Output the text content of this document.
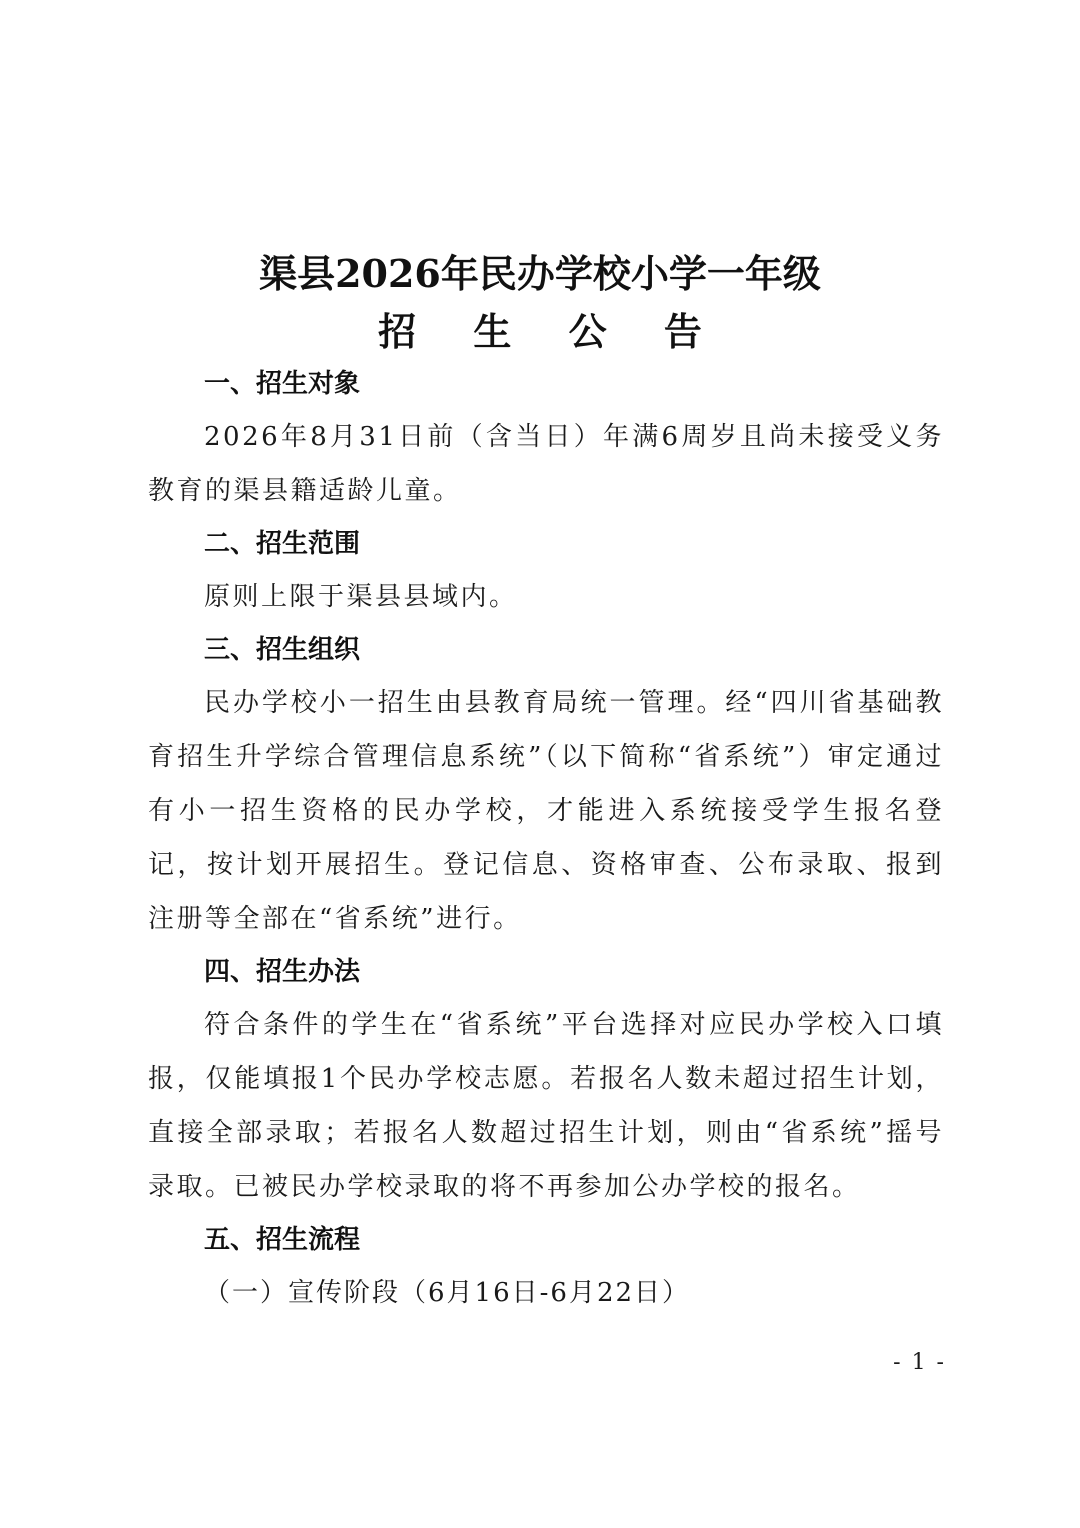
渠县2026年民办学校小学一年级
招 生 公 告
一、招生对象

2026年8月31日前（含当日）年满6周岁且尚未接受义务教育的渠县籍适龄儿童。

二、招生范围

原则上限于渠县县域内。

三、招生组织

民办学校小一招生由县教育局统一管理。经“四川省基础教育招生升学综合管理信息系统”（以下简称“省系统”）审定通过有小一招生资格的民办学校，才能进入系统接受学生报名登记，按计划开展招生。登记信息、资格审查、公布录取、报到注册等全部在“省系统”进行。

四、招生办法

符合条件的学生在“省系统”平台选择对应民办学校入口填报，仅能填报1个民办学校志愿。若报名人数未超过招生计划，直接全部录取；若报名人数超过招生计划，则由“省系统”摇号录取。已被民办学校录取的将不再参加公办学校的报名。

五、招生流程
（一）宣传阶段（6月16日-6月22日）
- 1 -
